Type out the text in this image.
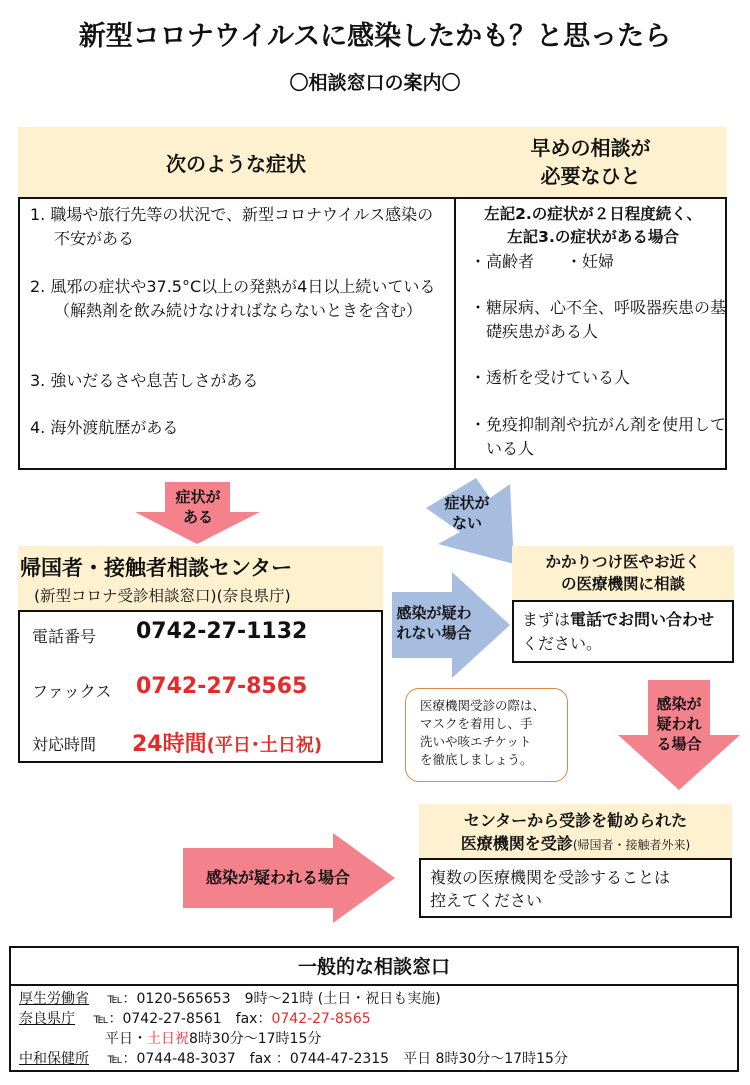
新型コロナウイルスに感染したかも？と思ったら
〇相談窓口の案内〇
次のような症状
早めの相談が
必要なひと
1. 職場や旅行先等の状況で、新型コロナウイルス感染の不安がある
2. 風邪の症状や37.5°C以上の発熱が4日以上続いている（解熱剤を飲み続けなければならないときを含む）
3. 強いだるさや息苦しさがある
4. 海外渡航歴がある
左記2.の症状が２日程度続く、
左記3.の症状がある場合
・高齢者　　・妊婦
・糖尿病、心不全、呼吸器疾患の基礎疾患がある人
・透析を受けている人
・免疫抑制剤や抗がん剤を使用している人
症状が
ある
症状が
ない
帰国者・接触者相談センター
(新型コロナ受診相談窓口)(奈良県庁)
電話番号 0742-27-1132
ファックス 0742-27-8565
対応時間 24時間(平日･土日祝)
感染が疑わ
れない場合
かかりつけ医やお近く
の医療機関に相談
まずは電話でお問い合わせください。
医療機関受診の際は、
マスクを着用し、手
洗いや咳エチケット
を徹底しましょう。
感染が
疑われ
る場合
感染が疑われる場合
センターから受診を勧められた
医療機関を受診(帰国者・接触者外来)
複数の医療機関を受診することは
控えてください
一般的な相談窓口
厚生労働省　 ℡：0120-565653　9時～21時 (土日・祝日も実施)
奈良県庁　 ℡：0742-27-8561　fax：0742-27-8565
平日・土日祝8時30分～17時15分
中和保健所　 ℡：0744-48-3037　fax ：0744-47-2315　平日 8時30分～17時15分
